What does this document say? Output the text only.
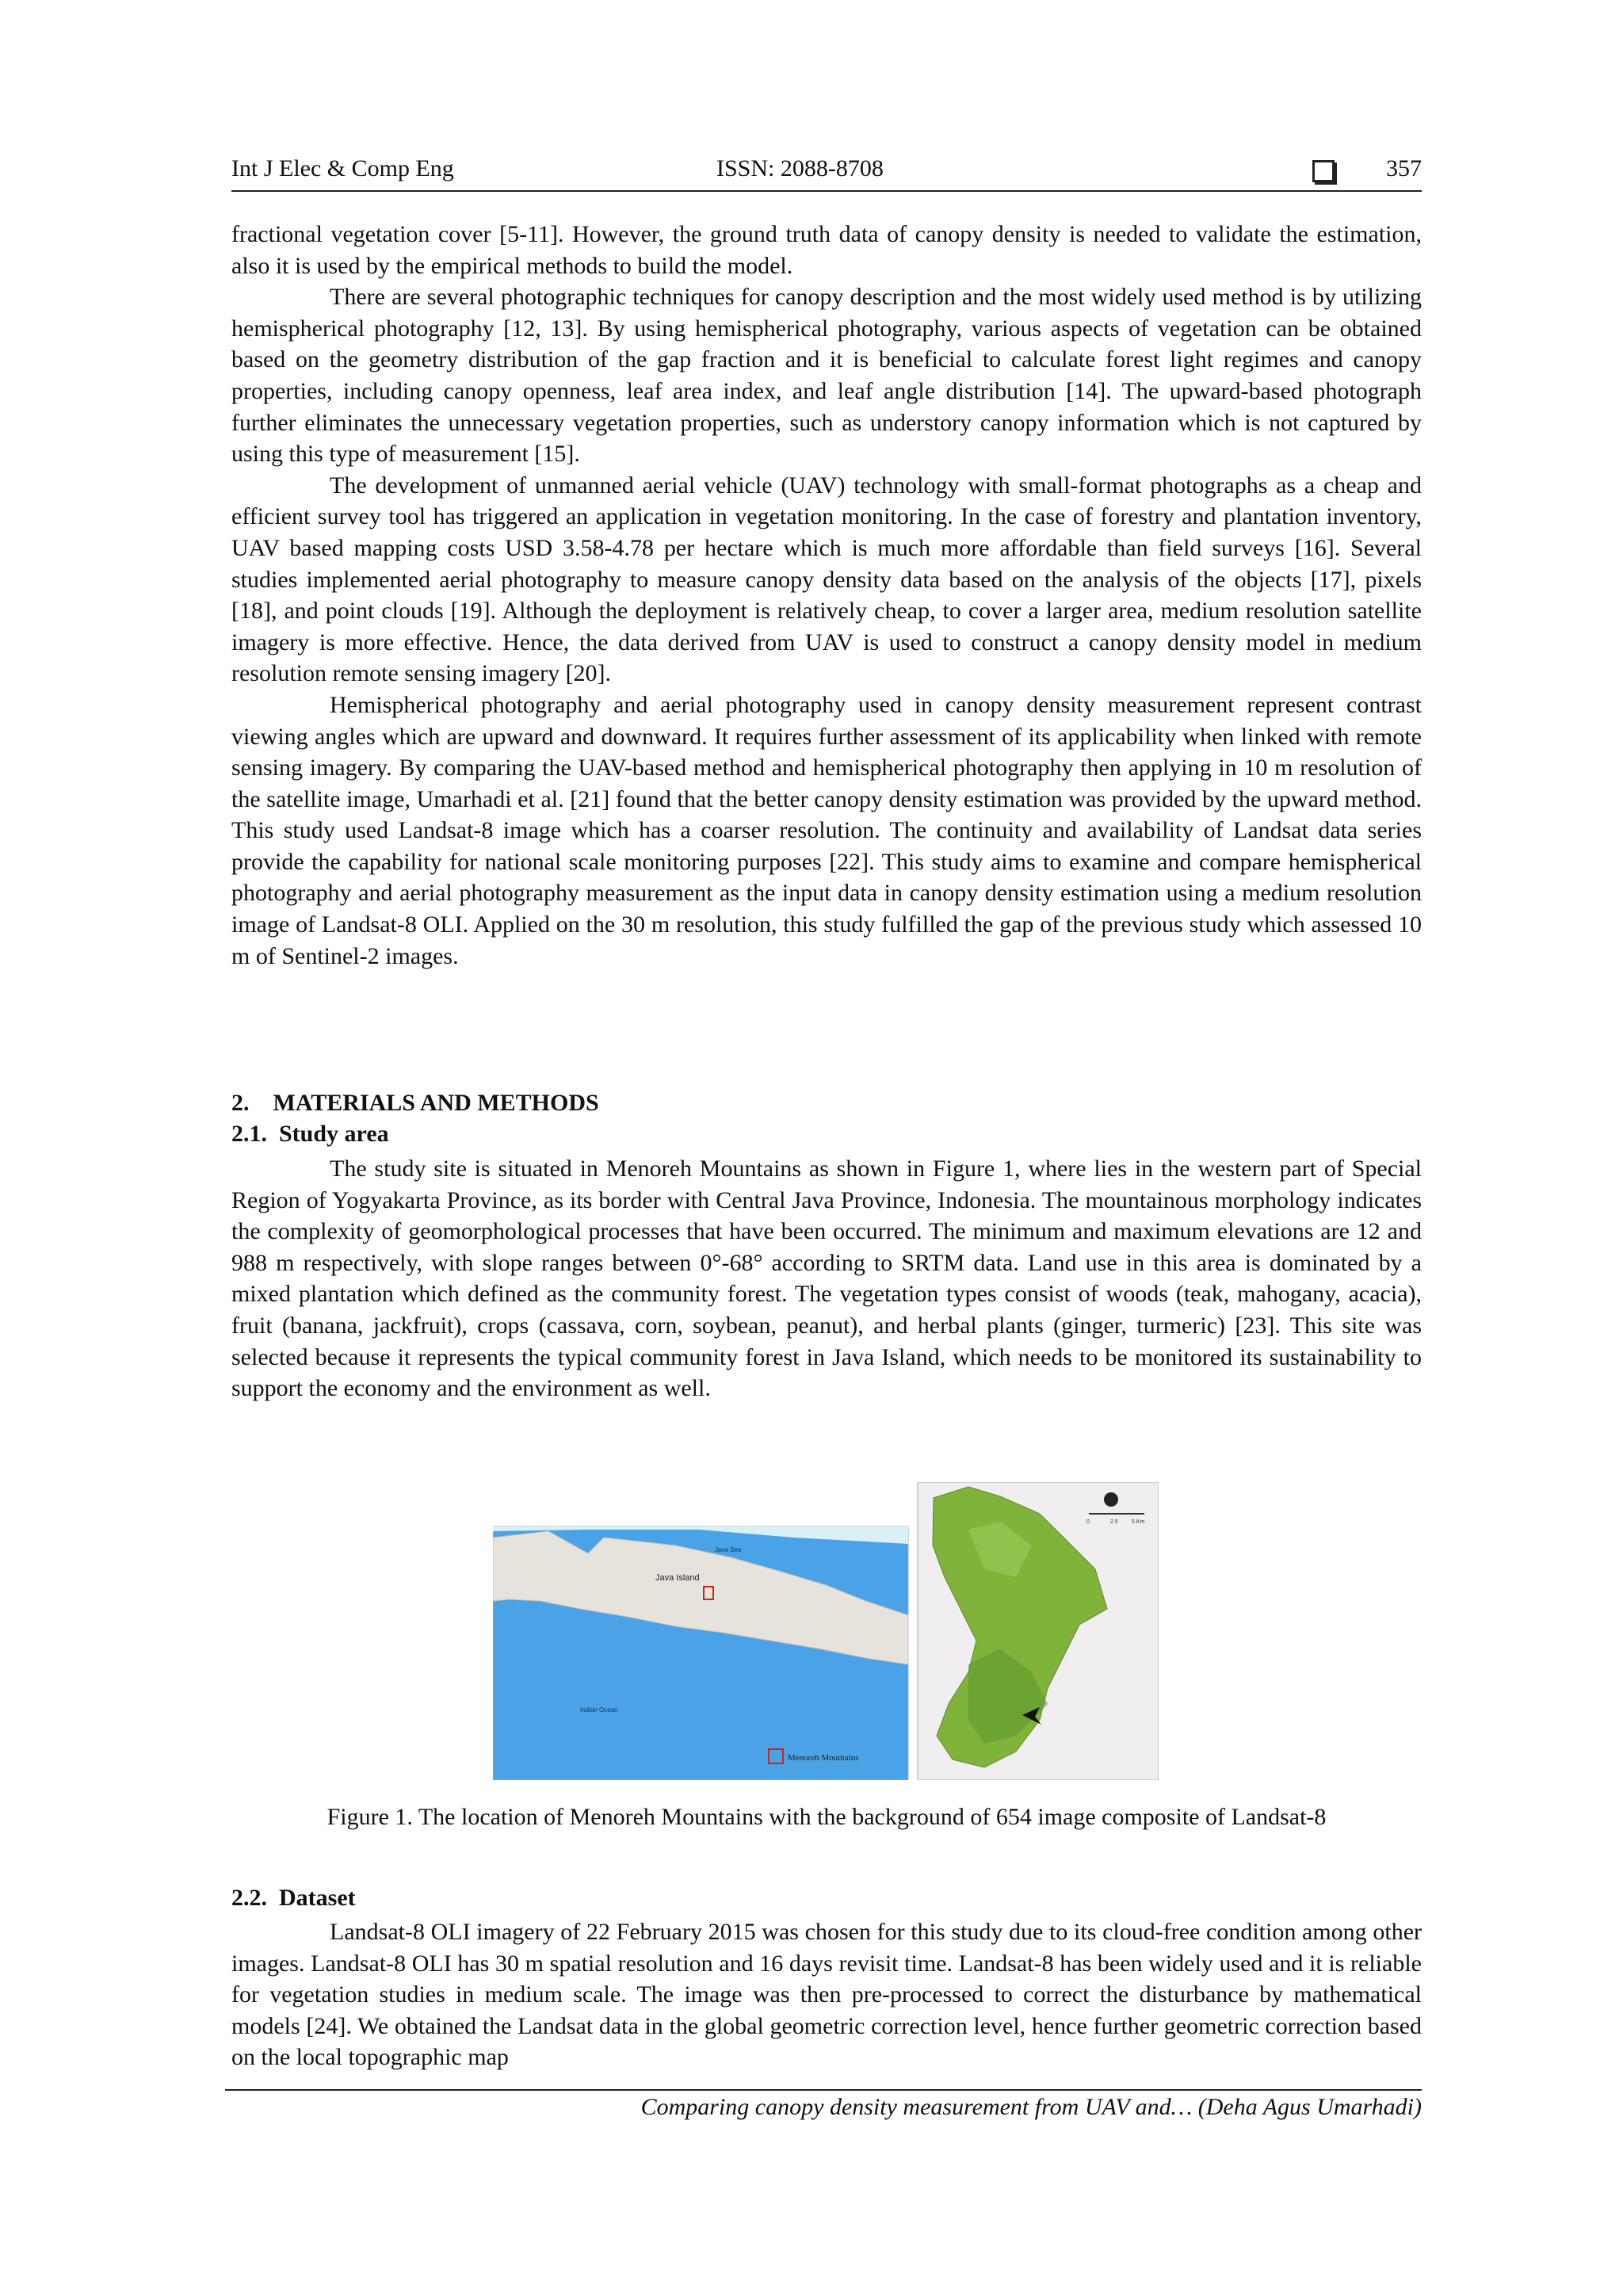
Int J Elec & Comp Eng	ISSN: 2088-8708	357

fractional vegetation cover [5-11]. However, the ground truth data of canopy density is needed to validate the estimation, also it is used by the empirical methods to build the model.

There are several photographic techniques for canopy description and the most widely used method is by utilizing hemispherical photography [12, 13]. By using hemispherical photography, various aspects of vegetation can be obtained based on the geometry distribution of the gap fraction and it is beneficial to calculate forest light regimes and canopy properties, including canopy openness, leaf area index, and leaf angle distribution [14]. The upward-based photograph further eliminates the unnecessary vegetation properties, such as understory canopy information which is not captured by using this type of measurement [15].

The development of unmanned aerial vehicle (UAV) technology with small-format photographs as a cheap and efficient survey tool has triggered an application in vegetation monitoring. In the case of forestry and plantation inventory, UAV based mapping costs USD 3.58-4.78 per hectare which is much more affordable than field surveys [16]. Several studies implemented aerial photography to measure canopy density data based on the analysis of the objects [17], pixels [18], and point clouds [19]. Although the deployment is relatively cheap, to cover a larger area, medium resolution satellite imagery is more effective. Hence, the data derived from UAV is used to construct a canopy density model in medium resolution remote sensing imagery [20].

Hemispherical photography and aerial photography used in canopy density measurement represent contrast viewing angles which are upward and downward. It requires further assessment of its applicability when linked with remote sensing imagery. By comparing the UAV-based method and hemispherical photography then applying in 10 m resolution of the satellite image, Umarhadi et al. [21] found that the better canopy density estimation was provided by the upward method. This study used Landsat-8 image which has a coarser resolution. The continuity and availability of Landsat data series provide the capability for national scale monitoring purposes [22]. This study aims to examine and compare hemispherical photography and aerial photography measurement as the input data in canopy density estimation using a medium resolution image of Landsat-8 OLI. Applied on the 30 m resolution, this study fulfilled the gap of the previous study which assessed 10 m of Sentinel-2 images.

2.    MATERIALS AND METHODS
2.1.  Study area

The study site is situated in Menoreh Mountains as shown in Figure 1, where lies in the western part of Special Region of Yogyakarta Province, as its border with Central Java Province, Indonesia. The mountainous morphology indicates the complexity of geomorphological processes that have been occurred. The minimum and maximum elevations are 12 and 988 m respectively, with slope ranges between 0°-68° according to SRTM data. Land use in this area is dominated by a mixed plantation which defined as the community forest. The vegetation types consist of woods (teak, mahogany, acacia), fruit (banana, jackfruit), crops (cassava, corn, soybean, peanut), and herbal plants (ginger, turmeric) [23]. This site was selected because it represents the typical community forest in Java Island, which needs to be monitored its sustainability to support the economy and the environment as well.

Java Island
Java Sea
Indian Ocean
Menoreh Mountains
0	2.5 5 Km
Figure 1. The location of Menoreh Mountains with the background of 654 image composite of Landsat-8
2.2.  Dataset

Landsat-8 OLI imagery of 22 February 2015 was chosen for this study due to its cloud-free condition among other images. Landsat-8 OLI has 30 m spatial resolution and 16 days revisit time. Landsat-8 has been widely used and it is reliable for vegetation studies in medium scale. The image was then pre-processed to correct the disturbance by mathematical models [24]. We obtained the Landsat data in the global geometric correction level, hence further geometric correction based on the local topographic map

Comparing canopy density measurement from UAV and… (Deha Agus Umarhadi)
